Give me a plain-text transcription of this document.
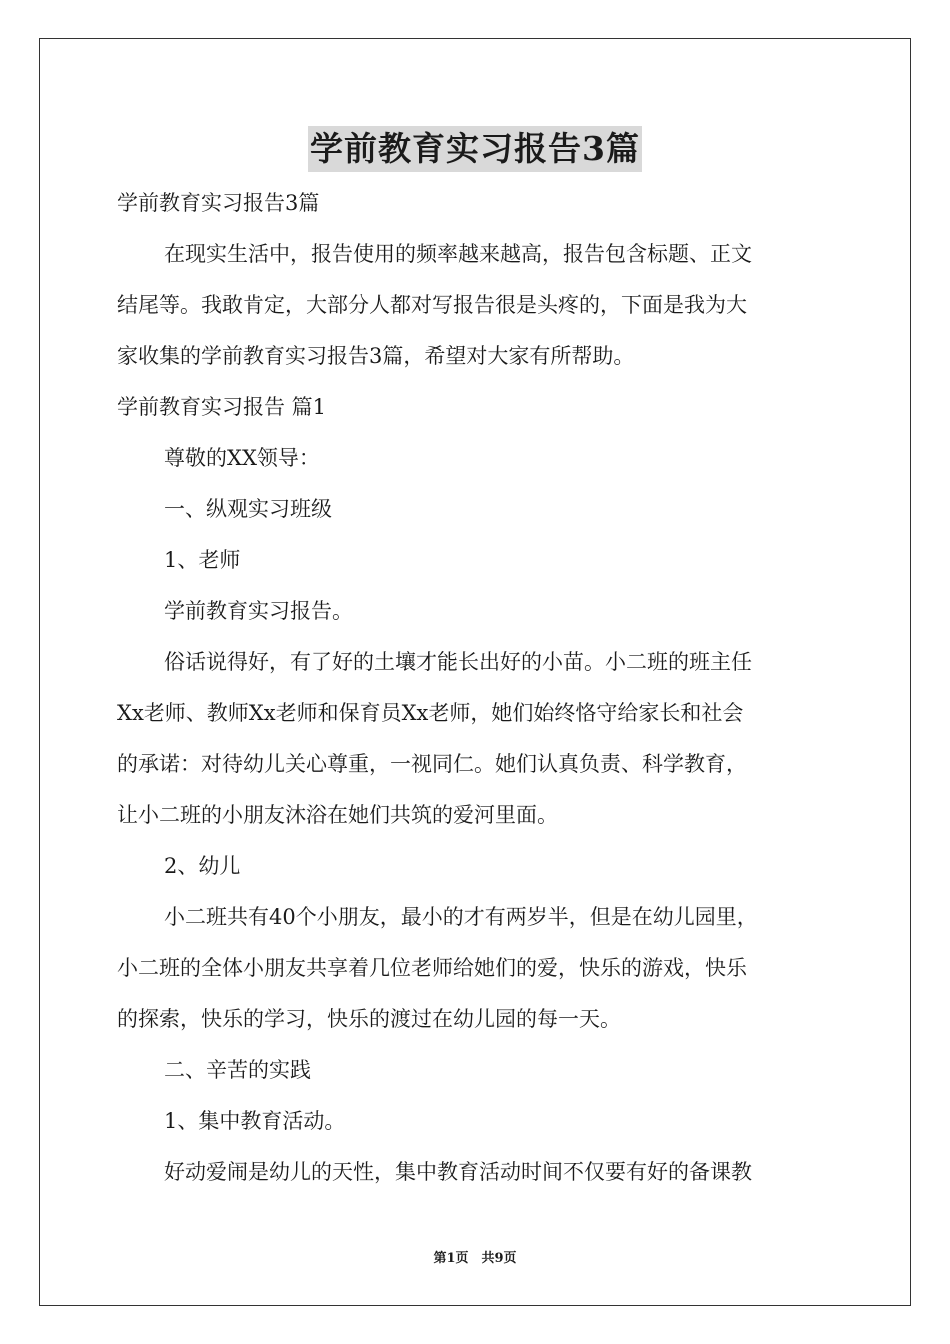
学前教育实习报告3篇
学前教育实习报告3篇
在现实生活中，报告使用的频率越来越高，报告包含标题、正文
结尾等。我敢肯定，大部分人都对写报告很是头疼的，下面是我为大
家收集的学前教育实习报告3篇，希望对大家有所帮助。
学前教育实习报告 篇1
尊敬的XX领导：
一、纵观实习班级
1、老师
学前教育实习报告。
俗话说得好，有了好的土壤才能长出好的小苗。小二班的班主任
Xx老师、教师Xx老师和保育员Xx老师，她们始终恪守给家长和社会
的承诺：对待幼儿关心尊重，一视同仁。她们认真负责、科学教育，
让小二班的小朋友沐浴在她们共筑的爱河里面。
2、幼儿
小二班共有40个小朋友，最小的才有两岁半，但是在幼儿园里，
小二班的全体小朋友共享着几位老师给她们的爱，快乐的游戏，快乐
的探索，快乐的学习，快乐的渡过在幼儿园的每一天。
二、辛苦的实践
1、集中教育活动。
好动爱闹是幼儿的天性，集中教育活动时间不仅要有好的备课教
第1页　共9页
